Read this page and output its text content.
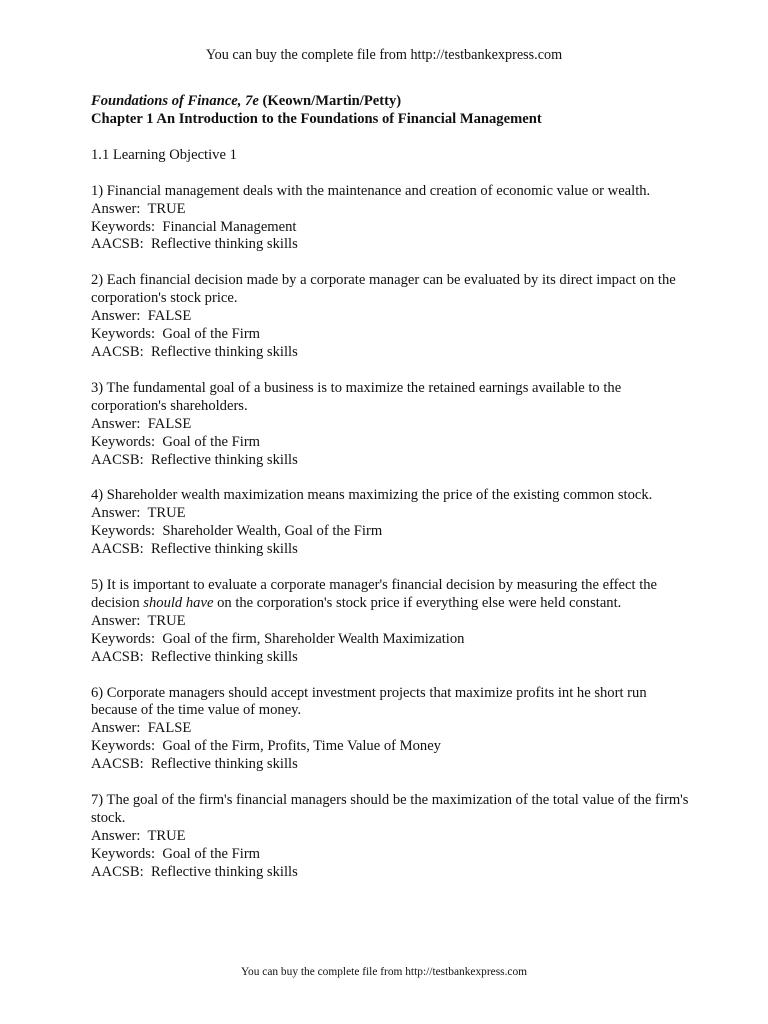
You can buy the complete file from http://testbankexpress.com
Foundations of Finance, 7e (Keown/Martin/Petty)
Chapter 1 An Introduction to the Foundations of Financial Management
1.1 Learning Objective 1
1) Financial management deals with the maintenance and creation of economic value or wealth.
Answer:  TRUE
Keywords:  Financial Management
AACSB:  Reflective thinking skills
2) Each financial decision made by a corporate manager can be evaluated by its direct impact on the corporation's stock price.
Answer:  FALSE
Keywords:  Goal of the Firm
AACSB:  Reflective thinking skills
3) The fundamental goal of a business is to maximize the retained earnings available to the corporation's shareholders.
Answer:  FALSE
Keywords:  Goal of the Firm
AACSB:  Reflective thinking skills
4) Shareholder wealth maximization means maximizing the price of the existing common stock.
Answer:  TRUE
Keywords:  Shareholder Wealth, Goal of the Firm
AACSB:  Reflective thinking skills
5) It is important to evaluate a corporate manager's financial decision by measuring the effect the decision should have on the corporation's stock price if everything else were held constant.
Answer:  TRUE
Keywords:  Goal of the firm, Shareholder Wealth Maximization
AACSB:  Reflective thinking skills
6) Corporate managers should accept investment projects that maximize profits int he short run because of the time value of money.
Answer:  FALSE
Keywords:  Goal of the Firm, Profits, Time Value of Money
AACSB:  Reflective thinking skills
7) The goal of the firm's financial managers should be the maximization of the total value of the firm's stock.
Answer:  TRUE
Keywords:  Goal of the Firm
AACSB:  Reflective thinking skills
You can buy the complete file from http://testbankexpress.com
